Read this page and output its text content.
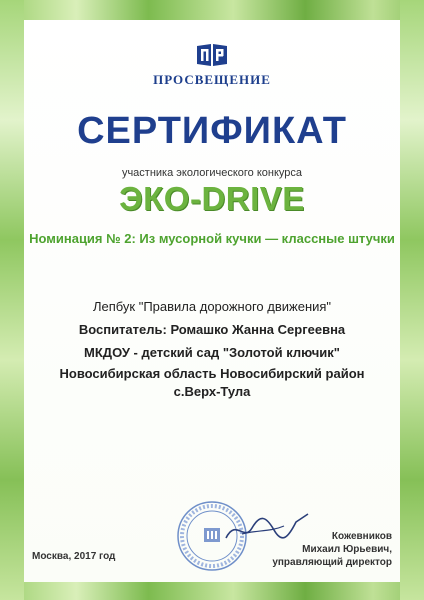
ПРОСВЕЩЕНИЕ
СЕРТИФИКАТ
участника экологического конкурса
ЭКО-DRIVE
Номинация № 2: Из мусорной кучки — классные штучки
Лепбук "Правила дорожного движения"
Воспитатель: Ромашко Жанна Сергеевна
МКДОУ - детский сад "Золотой ключик"
Новосибирская область Новосибирский район
с.Верх-Тула
Москва, 2017 год
Кожевников
Михаил Юрьевич,
управляющий директор
